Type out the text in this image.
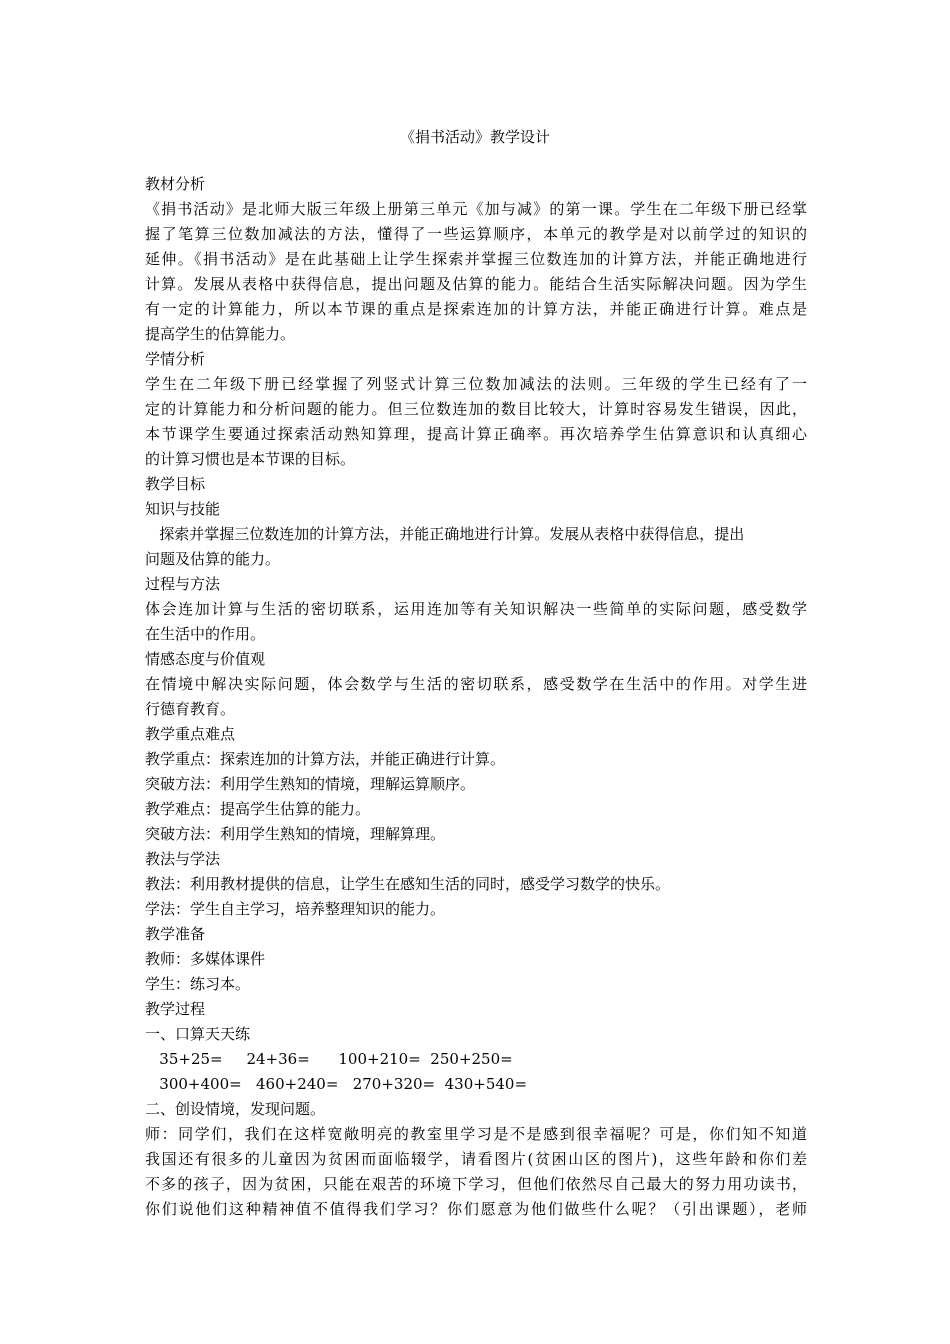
《捐书活动》教学设计
教材分析
《捐书活动》是北师大版三年级上册第三单元《加与减》的第一课。学生在二年级下册已经掌
握了笔算三位数加减法的方法，懂得了一些运算顺序，本单元的教学是对以前学过的知识的
延伸。《捐书活动》是在此基础上让学生探索并掌握三位数连加的计算方法，并能正确地进行
计算。发展从表格中获得信息，提出问题及估算的能力。能结合生活实际解决问题。因为学生
有一定的计算能力，所以本节课的重点是探索连加的计算方法，并能正确进行计算。难点是
提高学生的估算能力。
学情分析
学生在二年级下册已经掌握了列竖式计算三位数加减法的法则。三年级的学生已经有了一
定的计算能力和分析问题的能力。但三位数连加的数目比较大，计算时容易发生错误，因此，
本节课学生要通过探索活动熟知算理，提高计算正确率。再次培养学生估算意识和认真细心
的计算习惯也是本节课的目标。
教学目标
知识与技能
探索并掌握三位数连加的计算方法，并能正确地进行计算。发展从表格中获得信息，提出
问题及估算的能力。
过程与方法
体会连加计算与生活的密切联系，运用连加等有关知识解决一些简单的实际问题，感受数学
在生活中的作用。
情感态度与价值观
在情境中解决实际问题，体会数学与生活的密切联系，感受数学在生活中的作用。对学生进
行德育教育。
教学重点难点
教学重点：探索连加的计算方法，并能正确进行计算。
突破方法：利用学生熟知的情境，理解运算顺序。
教学难点：提高学生估算的能力。
突破方法：利用学生熟知的情境，理解算理。
教法与学法
教法：利用教材提供的信息，让学生在感知生活的同时，感受学习数学的快乐。
学法：学生自主学习，培养整理知识的能力。
教学准备
教师：多媒体课件
学生：练习本。
教学过程
一、口算天天练
35+25=     24+36=      100+210=  250+250=
300+400=   460+240=   270+320=  430+540=
二、创设情境，发现问题。
师：同学们，我们在这样宽敞明亮的教室里学习是不是感到很幸福呢？可是，你们知不知道
我国还有很多的儿童因为贫困而面临辍学，请看图片(贫困山区的图片)，这些年龄和你们差
不多的孩子，因为贫困，只能在艰苦的环境下学习，但他们依然尽自己最大的努力用功读书，
你们说他们这种精神值不值得我们学习？你们愿意为他们做些什么呢？（引出课题），老师
